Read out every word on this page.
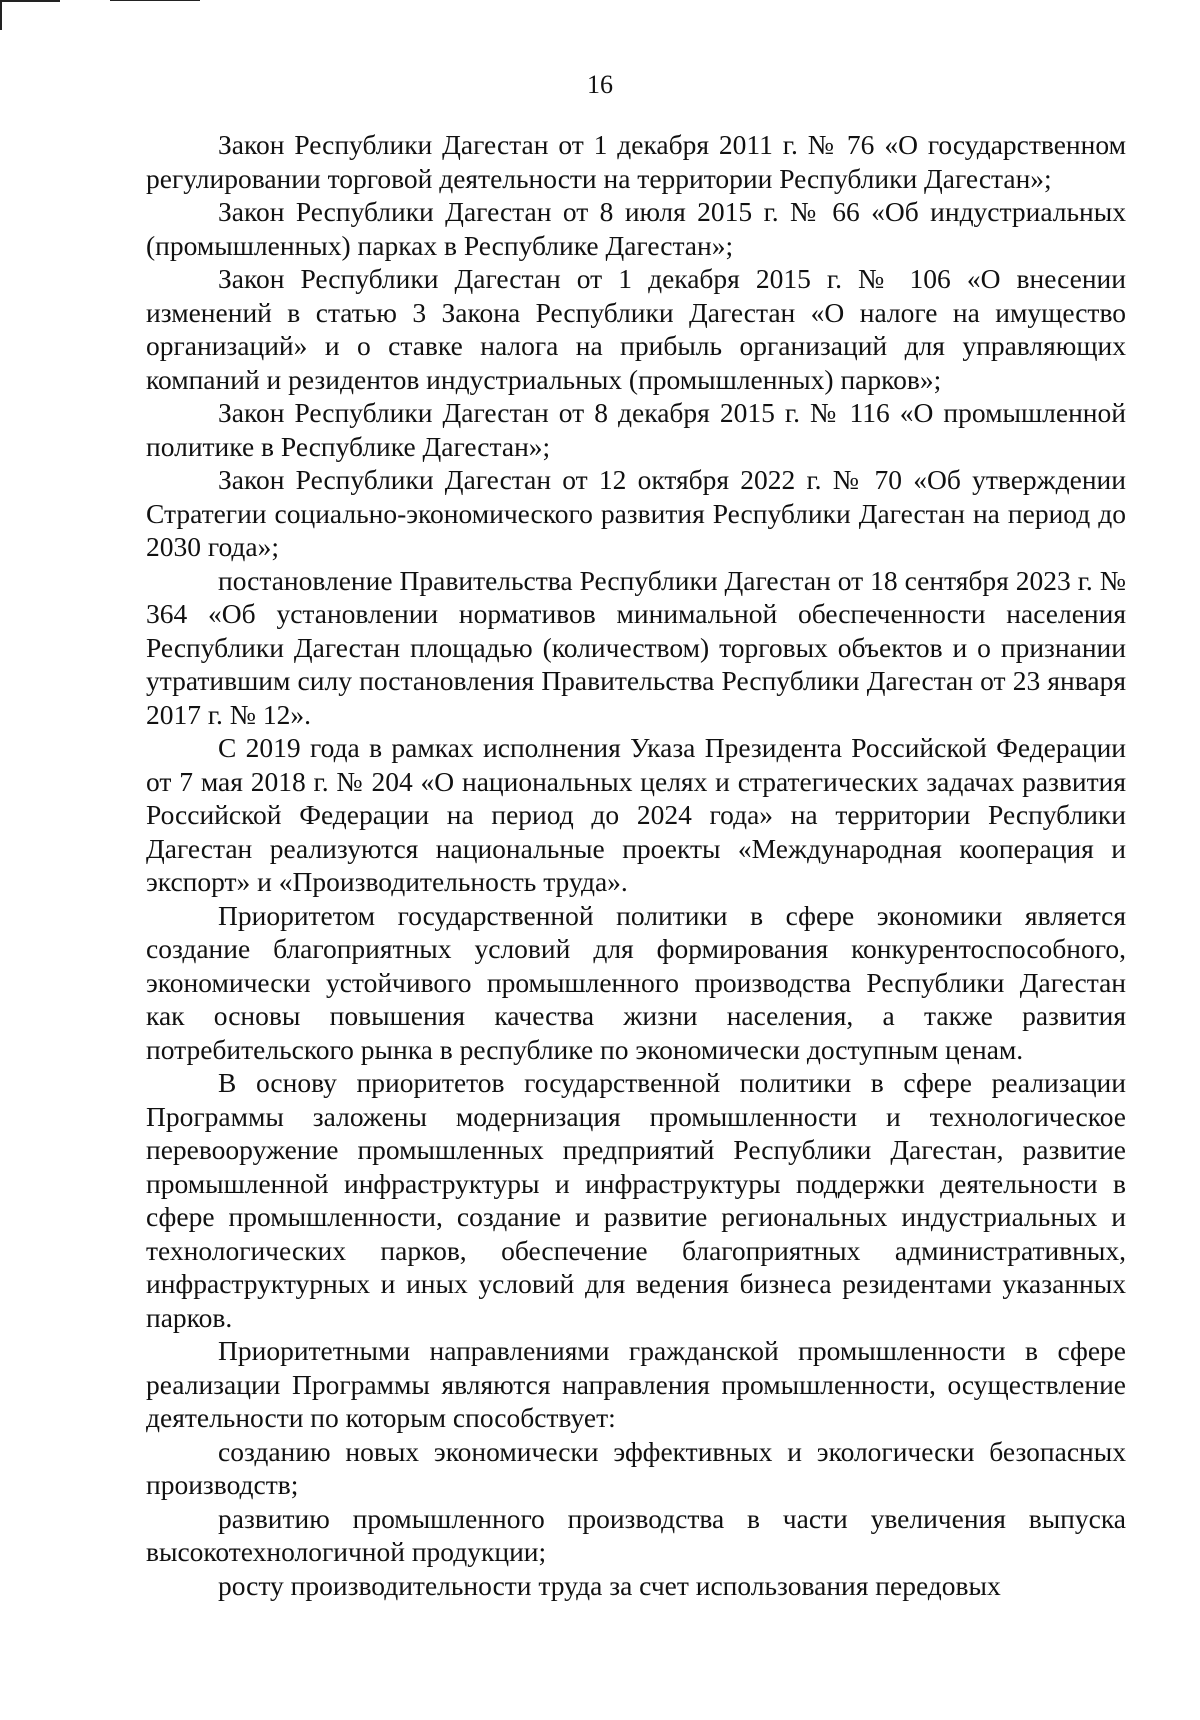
16

Закон Республики Дагестан от 1 декабря 2011 г. № 76 «О государственном регулировании торговой деятельности на территории Республики Дагестан»;

Закон Республики Дагестан от 8 июля 2015 г. № 66 «Об индустриальных (промышленных) парках в Республике Дагестан»;

Закон Республики Дагестан от 1 декабря 2015 г. № 106 «О внесении изменений в статью 3 Закона Республики Дагестан «О налоге на имущество организаций» и о ставке налога на прибыль организаций для управляющих компаний и резидентов индустриальных (промышленных) парков»;

Закон Республики Дагестан от 8 декабря 2015 г. № 116 «О промышленной политике в Республике Дагестан»;

Закон Республики Дагестан от 12 октября 2022 г. № 70 «Об утверждении Стратегии социально-экономического развития Республики Дагестан на период до 2030 года»;

постановление Правительства Республики Дагестан от 18 сентября 2023 г. № 364 «Об установлении нормативов минимальной обеспеченности населения Республики Дагестан площадью (количеством) торговых объектов и о признании утратившим силу постановления Правительства Республики Дагестан от 23 января 2017 г. № 12».

С 2019 года в рамках исполнения Указа Президента Российской Федерации от 7 мая 2018 г. № 204 «О национальных целях и стратегических задачах развития Российской Федерации на период до 2024 года» на территории Республики Дагестан реализуются национальные проекты «Международная кооперация и экспорт» и «Производительность труда».

Приоритетом государственной политики в сфере экономики является создание благоприятных условий для формирования конкурентоспособного, экономически устойчивого промышленного производства Республики Дагестан как основы повышения качества жизни населения, а также развития потребительского рынка в республике по экономически доступным ценам.

В основу приоритетов государственной политики в сфере реализации Программы заложены модернизация промышленности и технологическое перевооружение промышленных предприятий Республики Дагестан, развитие промышленной инфраструктуры и инфраструктуры поддержки деятельности в сфере промышленности, создание и развитие региональных индустриальных и технологических парков, обеспечение благоприятных административных, инфраструктурных и иных условий для ведения бизнеса резидентами указанных парков.

Приоритетными направлениями гражданской промышленности в сфере реализации Программы являются направления промышленности, осуществление деятельности по которым способствует:

созданию новых экономически эффективных и экологически безопасных производств;

развитию промышленного производства в части увеличения выпуска высокотехнологичной продукции;

росту производительности труда за счет использования передовых
